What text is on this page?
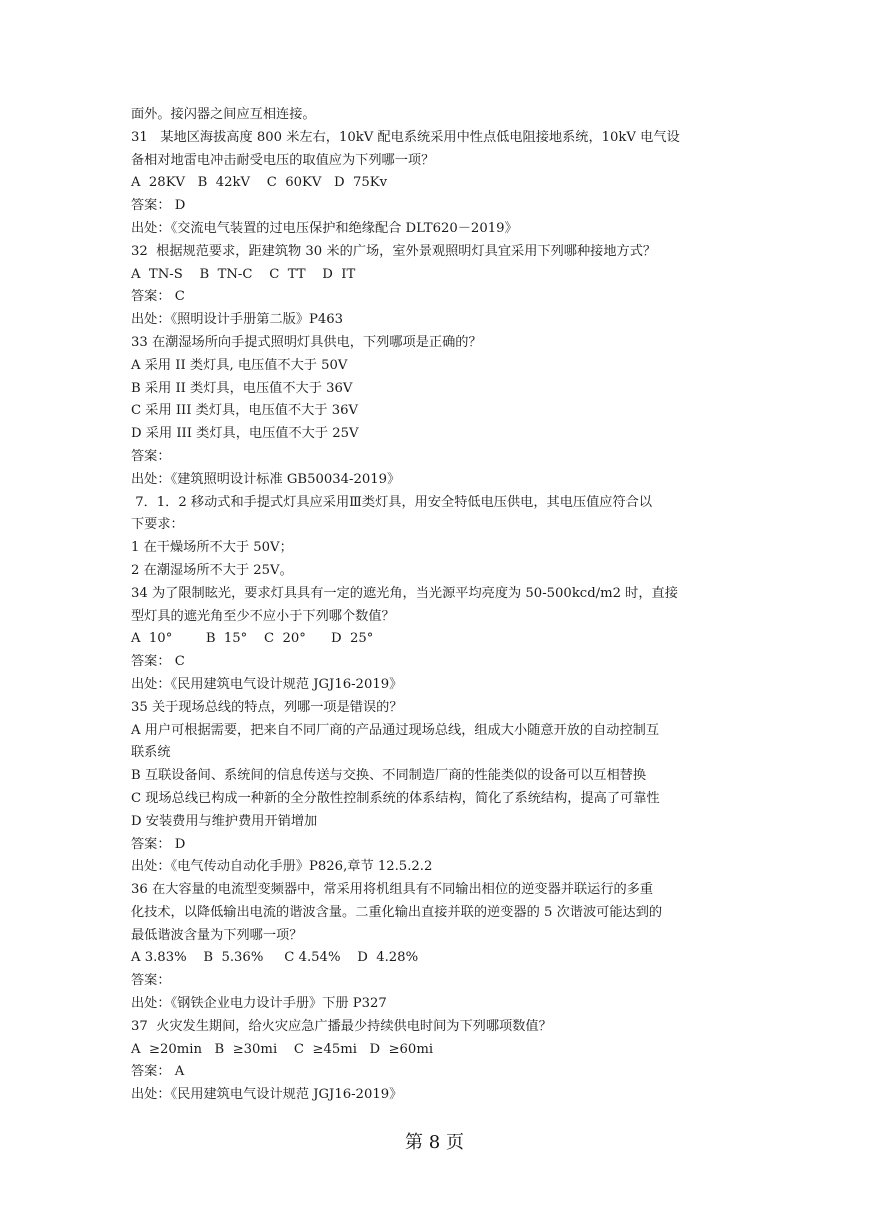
面外。接闪器之间应互相连接。
31   某地区海拔高度 800 米左右，10kV 配电系统采用中性点低电阻接地系统，10kV 电气设
备相对地雷电冲击耐受电压的取值应为下列哪一项？
A  28KV   B  42kV    C  60KV   D  75Kv
答案： D
出处：《交流电气装置的过电压保护和绝缘配合 DLT620－2019》
32  根据规范要求，距建筑物 30 米的广场，室外景观照明灯具宜采用下列哪种接地方式？
A  TN-S    B  TN-C    C  TT    D  IT
答案： C
出处：《照明设计手册第二版》P463
33 在潮湿场所向手提式照明灯具供电，下列哪项是正确的？
A 采用 II 类灯具, 电压值不大于 50V
B 采用 II 类灯具，电压值不大于 36V
C 采用 III 类灯具，电压值不大于 36V
D 采用 III 类灯具，电压值不大于 25V
答案：
出处：《建筑照明设计标准 GB50034-2019》
7．1．2 移动式和手提式灯具应采用Ⅲ类灯具，用安全特低电压供电，其电压值应符合以
下要求：
1 在干燥场所不大于 50V；
2 在潮湿场所不大于 25V。
34 为了限制眩光，要求灯具具有一定的遮光角，当光源平均亮度为 50-500kcd/m2 时，直接
型灯具的遮光角至少不应小于下列哪个数值？
A  10°        B  15°    C  20°      D  25°
答案： C
出处：《民用建筑电气设计规范 JGJ16-2019》
35 关于现场总线的特点，列哪一项是错误的？
A 用户可根据需要，把来自不同厂商的产品通过现场总线，组成大小随意开放的自动控制互
联系统
B 互联设备间、系统间的信息传送与交换、不同制造厂商的性能类似的设备可以互相替换
C 现场总线已构成一种新的全分散性控制系统的体系结构，简化了系统结构，提高了可靠性
D 安装费用与维护费用开销增加
答案： D
出处：《电气传动自动化手册》P826,章节 12.5.2.2
36 在大容量的电流型变频器中，常采用将机组具有不同输出相位的逆变器并联运行的多重
化技术，以降低输出电流的谐波含量。二重化输出直接并联的逆变器的 5 次谐波可能达到的
最低谐波含量为下列哪一项？
A 3.83%    B  5.36%     C 4.54%    D  4.28%
答案：
出处：《钢铁企业电力设计手册》下册 P327
37  火灾发生期间，给火灾应急广播最少持续供电时间为下列哪项数值？
A  ≥20min   B  ≥30mi    C  ≥45mi   D  ≥60mi
答案： A
出处：《民用建筑电气设计规范 JGJ16-2019》
第 8 页
